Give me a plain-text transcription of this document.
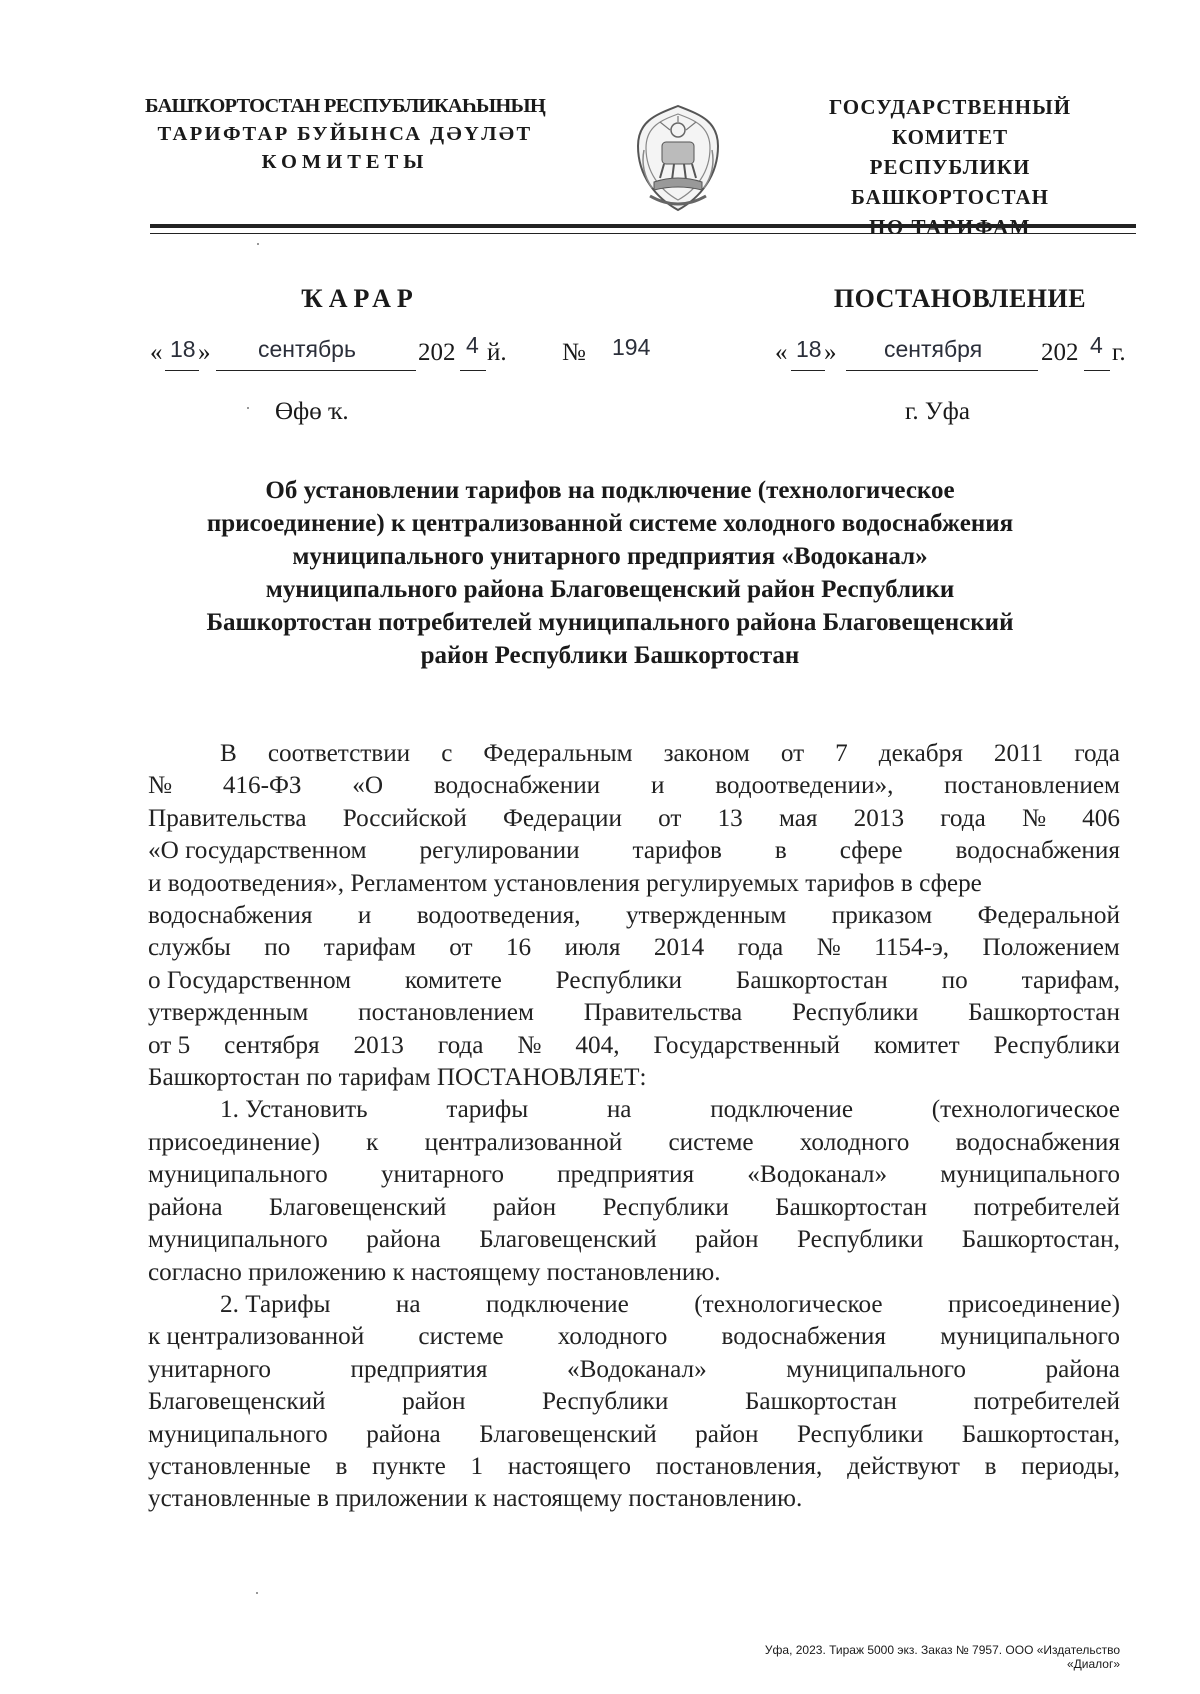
БАШҠОРТОСТАН РЕСПУБЛИКАҺЫНЫҢ
ТАРИФТАР БУЙЫНСА ДӘҮЛӘТ
КОМИТЕТЫ
ГОСУДАРСТВЕННЫЙ КОМИТЕТ
РЕСПУБЛИКИ БАШКОРТОСТАН
ҠАРАР	ПОСТАНОВЛЕНИЕ
« 18 » сентябрь 202 4 й. № 194	« 18 » сентября 202 4 г.
Өфө ҡ.	г. Уфа
Об установлении тарифов на подключение (технологическое
присоединение) к централизованной системе холодного водоснабжения
муниципального унитарного предприятия «Водоканал»
муниципального района Благовещенский район Республики
Башкортостан потребителей муниципального района Благовещенский
район Республики Башкортостан
В соответствии с Федеральным законом от 7 декабря 2011 года
№ 416-ФЗ «О водоснабжении и водоотведении», постановлением
Правительства Российской Федерации от 13 мая 2013 года № 406
«О государственном регулировании тарифов в сфере водоснабжения
и водоотведения», Регламентом установления регулируемых тарифов в сфере
водоснабжения и водоотведения, утвержденным приказом Федеральной
службы по тарифам от 16 июля 2014 года № 1154-э, Положением
о Государственном комитете Республики Башкортостан по тарифам,
утвержденным постановлением Правительства Республики Башкортостан
от 5 сентября 2013 года № 404, Государственный комитет Республики
Башкортостан по тарифам ПОСТАНОВЛЯЕТ:
1. Установить	тарифы	на	подключение	(технологическое
присоединение) к централизованной системе холодного водоснабжения
муниципального унитарного предприятия «Водоканал» муниципального
района Благовещенский район Республики Башкортостан потребителей
муниципального района Благовещенский район Республики Башкортостан,
согласно приложению к настоящему постановлению.
2. Тарифы	на	подключение	(технологическое	присоединение)
к централизованной системе холодного водоснабжения муниципального
унитарного	предприятия	«Водоканал»	муниципального	района
Благовещенский	район	Республики	Башкортостан	потребителей
муниципального района Благовещенский район Республики Башкортостан,
установленные в пункте 1 настоящего постановления, действуют в периоды,
установленные в приложении к настоящему постановлению.
Уфа, 2023. Тираж 5000 экз. Заказ № 7957. ООО «Издательство «Диалог»
